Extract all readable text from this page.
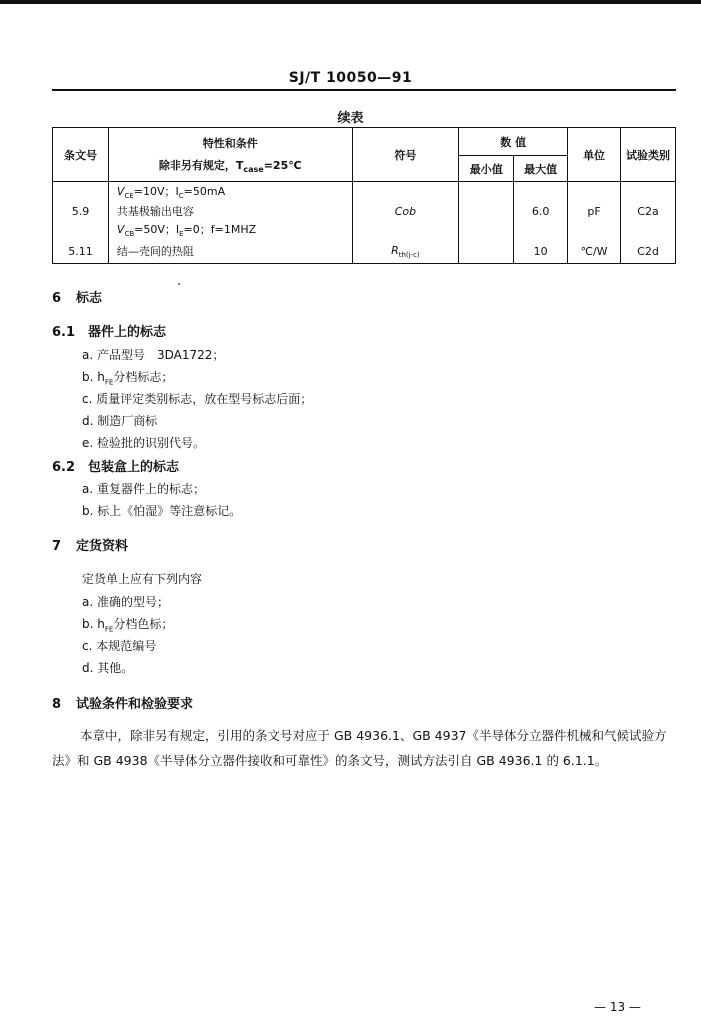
SJ/T 10050—91
续表
条文号	特性和条件
除非另有规定，$T_{case}=25℃$	符号	数 值		单位	试验类别
			最小值	最大值		
	$V_{CE}=10V$；$I_C=50mA$					
5.9	共基极输出电容	Cob		6.0	pF	C2a
	$V_{CB}=50V$；$I_E=0$；f=1MHZ					
5.11	结—壳间的热阻	$R_{th(j-c)}$		10	℃/W	C2d
6 标志
6.1 器件上的标志
a. 产品型号　3DA1722；
b. $h_{FE}$分档标志；
c. 质量评定类别标志，放在型号标志后面；
d. 制造厂商标
e. 检验批的识别代号。
6.2 包装盒上的标志
a. 重复器件上的标志；
b. 标上《怕湿》等注意标记。
7 定货资料
定货单上应有下列内容
a. 准确的型号；
b. $h_{FE}$分档色标；
c. 本规范编号
d. 其他。
8 试验条件和检验要求
本章中，除非另有规定，引用的条文号对应于 GB 4936.1、GB 4937《半导体分立器件机械和气候试验方法》和 GB 4938《半导体分立器件接收和可靠性》的条文号，测试方法引自 GB 4936.1 的 6.1.1。
— 13 —
